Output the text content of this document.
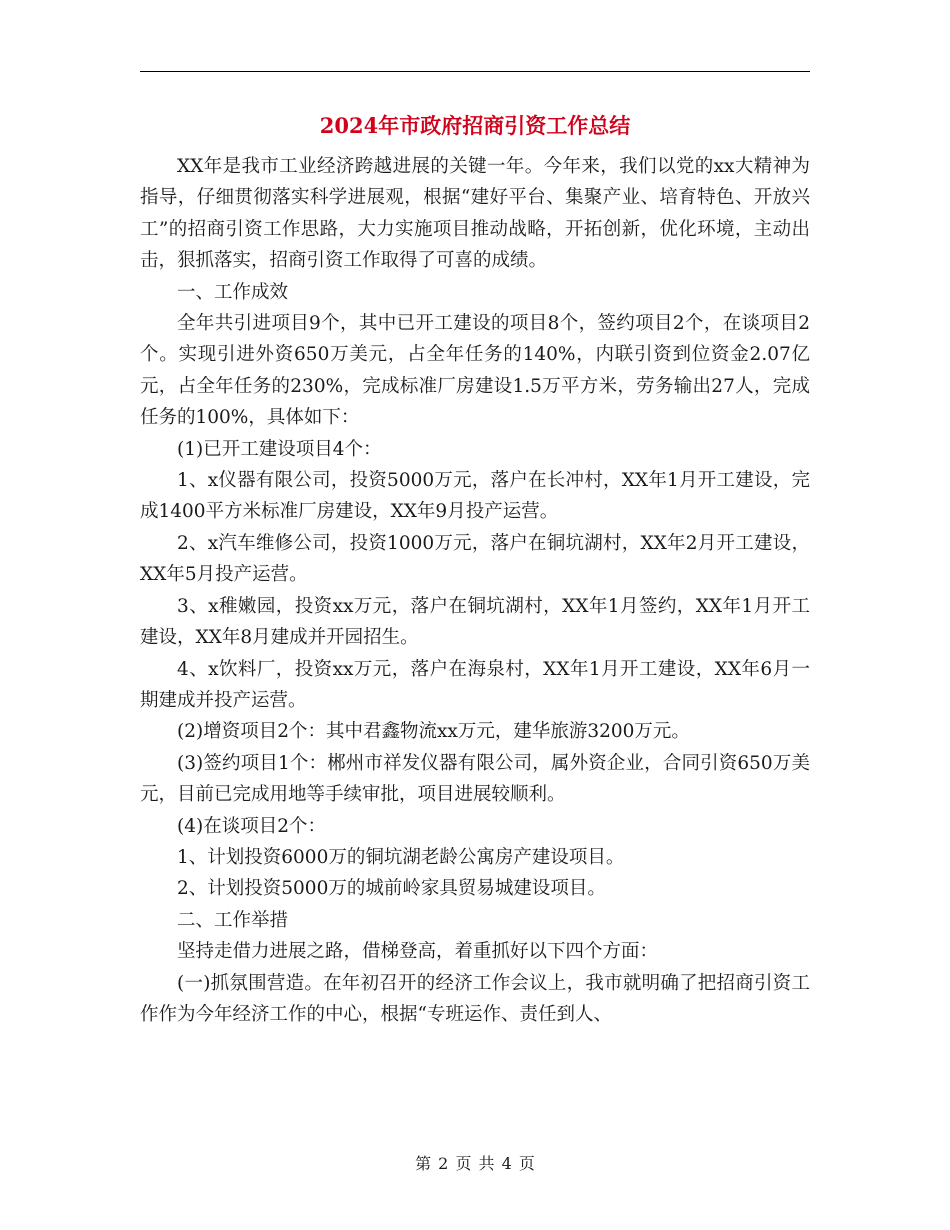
2024年市政府招商引资工作总结

XX年是我市工业经济跨越进展的关键一年。今年来，我们以党的xx大精神为指导，仔细贯彻落实科学进展观，根据“建好平台、集聚产业、培育特色、开放兴工”的招商引资工作思路，大力实施项目推动战略，开拓创新，优化环境，主动出击，狠抓落实，招商引资工作取得了可喜的成绩。

一、工作成效

全年共引进项目9个，其中已开工建设的项目8个，签约项目2个，在谈项目2个。实现引进外资650万美元，占全年任务的140%，内联引资到位资金2.07亿元，占全年任务的230%，完成标准厂房建设1.5万平方米，劳务输出27人，完成任务的100%，具体如下：

(1)已开工建设项目4个：

1、x仪器有限公司，投资5000万元，落户在长冲村，XX年1月开工建设，完成1400平方米标准厂房建设，XX年9月投产运营。

2、x汽车维修公司，投资1000万元，落户在铜坑湖村，XX年2月开工建设，XX年5月投产运营。

3、x稚嫩园，投资xx万元，落户在铜坑湖村，XX年1月签约，XX年1月开工建设，XX年8月建成并开园招生。

4、x饮料厂，投资xx万元，落户在海泉村，XX年1月开工建设，XX年6月一期建成并投产运营。

(2)增资项目2个：其中君鑫物流xx万元，建华旅游3200万元。

(3)签约项目1个：郴州市祥发仪器有限公司，属外资企业，合同引资650万美元，目前已完成用地等手续审批，项目进展较顺利。

(4)在谈项目2个：

1、计划投资6000万的铜坑湖老龄公寓房产建设项目。

2、计划投资5000万的城前岭家具贸易城建设项目。

二、工作举措

坚持走借力进展之路，借梯登高，着重抓好以下四个方面：

(一)抓氛围营造。在年初召开的经济工作会议上，我市就明确了把招商引资工作作为今年经济工作的中心，根据“专班运作、责任到人、

第 2 页 共 4 页
